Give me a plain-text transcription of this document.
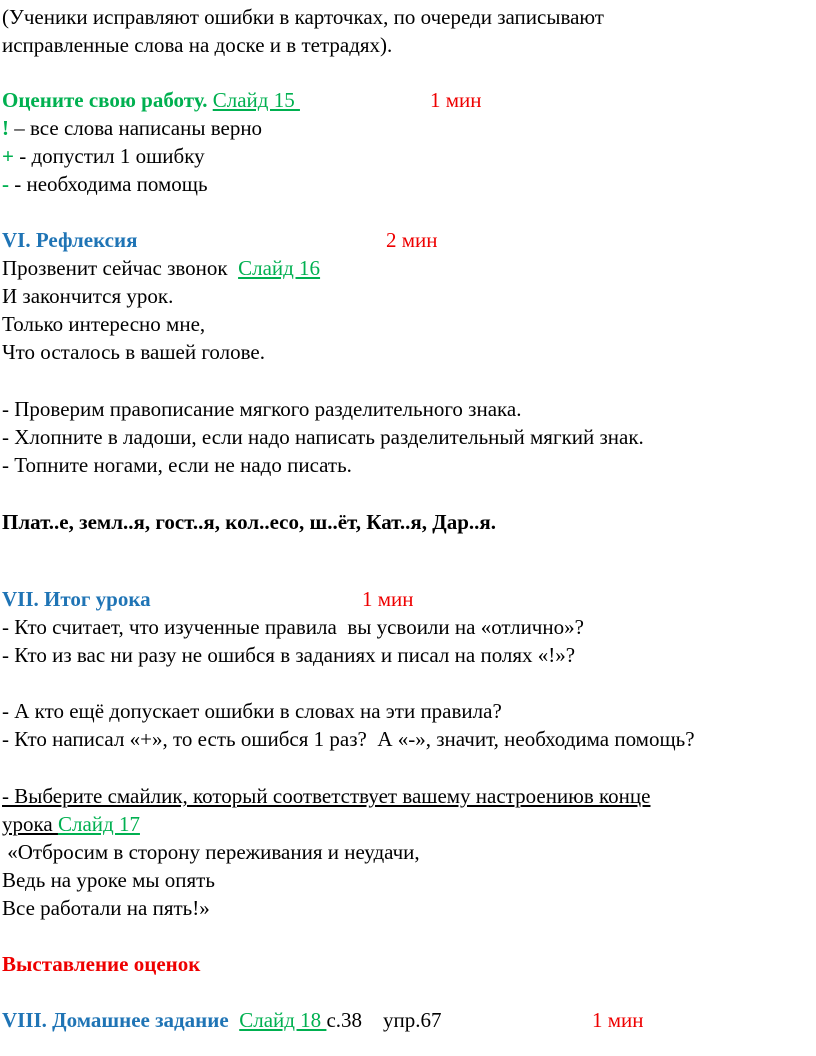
(Ученики исправляют ошибки в карточках, по очереди записывают
исправленные слова на доске и в тетрадях).
Оцените свою работу. Слайд 15	1 мин
! – все слова написаны верно
+ - допустил 1 ошибку
- - необходима помощь
VI. Рефлексия	2 мин
Прозвенит сейчас звонок  Слайд 16
И закончится урок.
Только интересно мне,
Что осталось в вашей голове.
- Проверим правописание мягкого разделительного знака.
- Хлопните в ладоши, если надо написать разделительный мягкий знак.
- Топните ногами, если не надо писать.
Плат..е, земл..я, гост..я, кол..есо, ш..ёт, Кат..я, Дар..я.
VII. Итог урока	1 мин
- Кто считает, что изученные правила  вы усвоили на «отлично»?
- Кто из вас ни разу не ошибся в заданиях и писал на полях «!»?
- А кто ещё допускает ошибки в словах на эти правила?
- Кто написал «+», то есть ошибся 1 раз?  А «-», значит, необходима помощь?
- Выберите смайлик, который соответствует вашему настроениюв конце
урока Слайд 17
«Отбросим в сторону переживания и неудачи,
Ведь на уроке мы опять
Все работали на пять!»
Выставление оценок
VIII. Домашнее задание Слайд 18 с.38 упр.67	1 мин
